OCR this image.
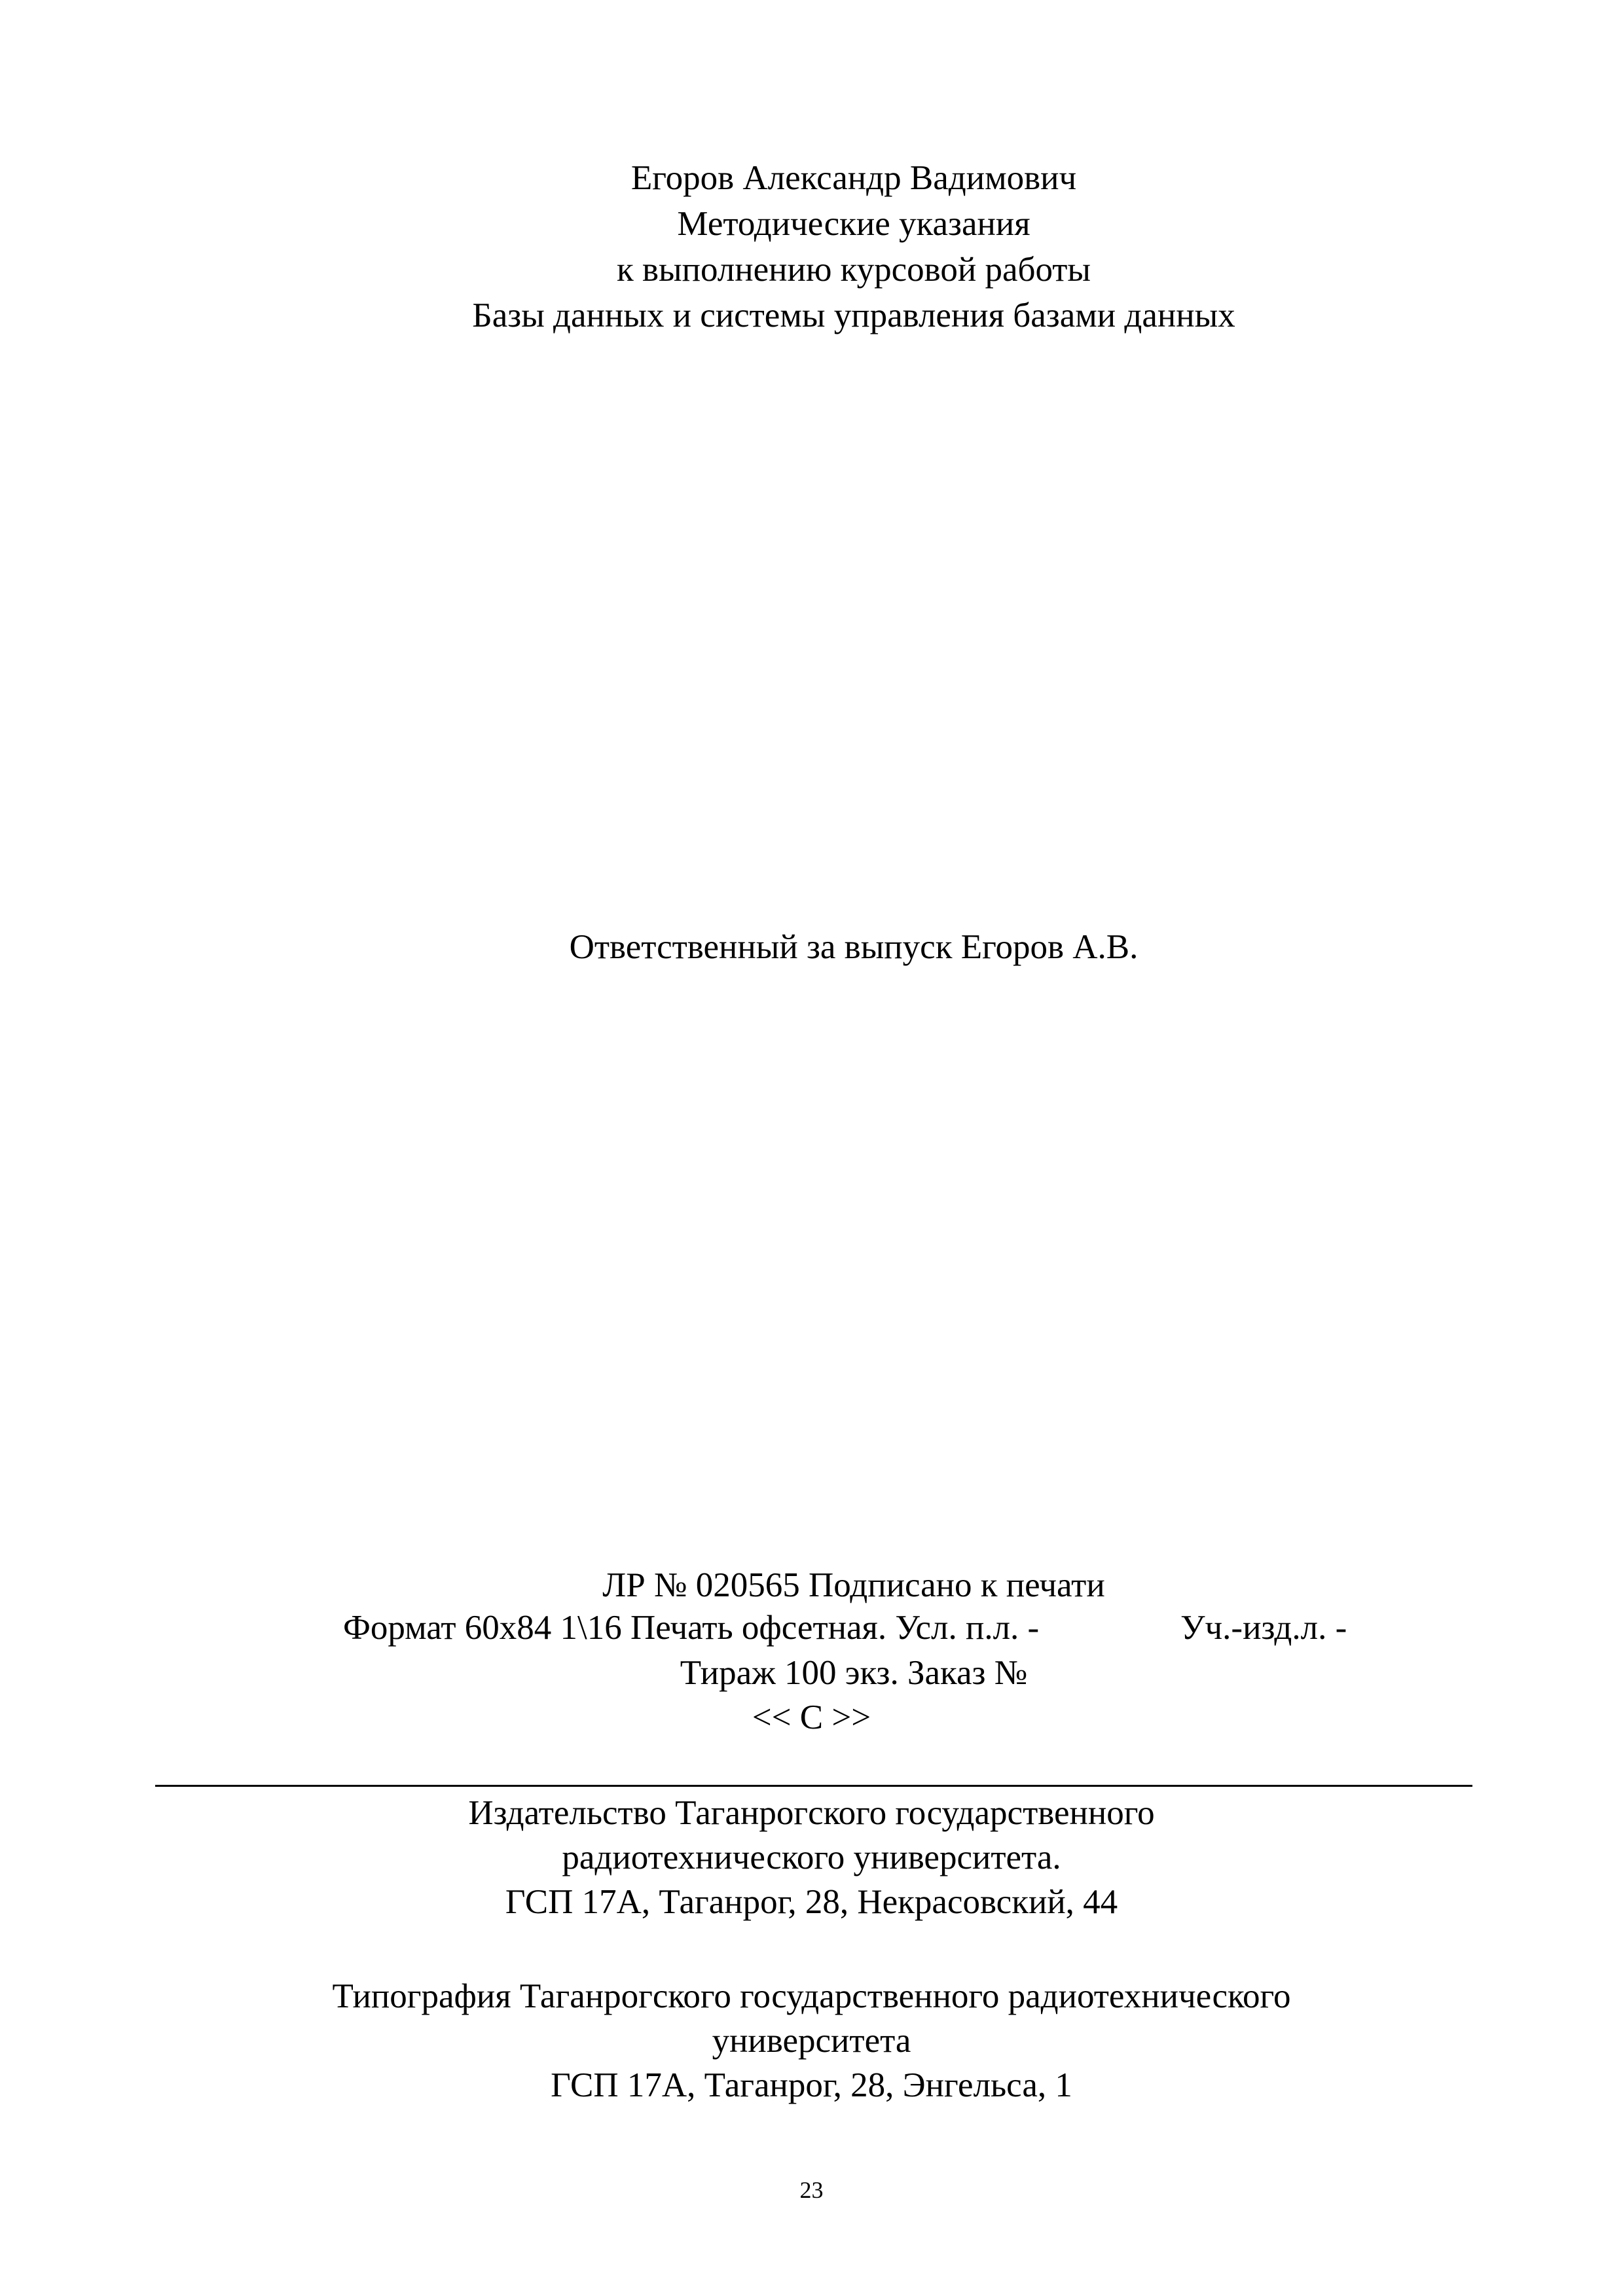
Егоров Александр Вадимович
Методические указания
к выполнению курсовой работы
Базы данных и системы управления базами данных
Ответственный за выпуск Егоров А.В.
ЛР № 020565 Подписано к печати
Формат 60x84 1\16 Печать офсетная. Усл. п.л. -	Уч.-изд.л. -
Тираж 100 экз. Заказ №
<< С >>
Издательство Таганрогского государственного
радиотехнического университета.
ГСП 17А, Таганрог, 28, Некрасовский, 44
Типография Таганрогского государственного радиотехнического
университета
ГСП 17А, Таганрог, 28, Энгельса, 1
23
